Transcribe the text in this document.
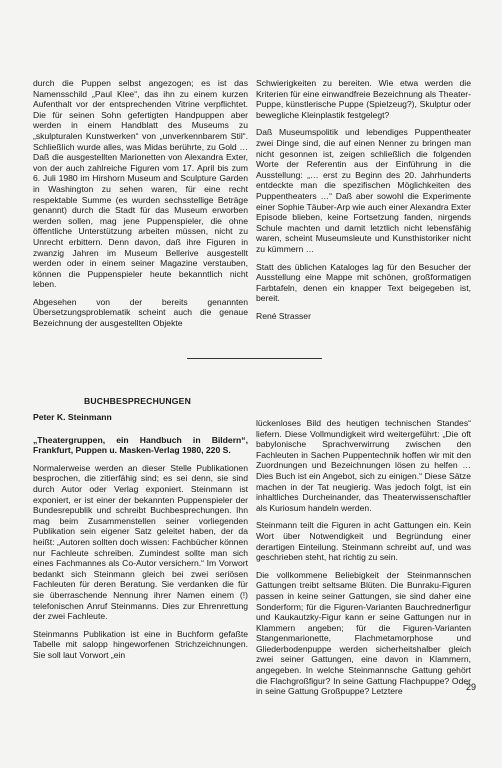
durch die Puppen selbst angezogen; es ist das Namensschild „Paul Klee“, das ihn zu einem kurzen Aufenthalt vor der entsprechenden Vitrine verpflichtet. Die für seinen Sohn gefertigten Handpuppen aber werden in einem Handblatt des Museums zu „skulpturalen Kunstwerken“ von „unverkennbarem Stil“. Schließlich wurde alles, was Midas berührte, zu Gold … Daß die ausgestellten Marionetten von Alexandra Exter, von der auch zahlreiche Figuren vom 17. April bis zum 6. Juli 1980 im Hirshorn Museum and Sculpture Garden in Washington zu sehen waren, für eine recht respektable Summe (es wurden sechsstellige Beträge genannt) durch die Stadt für das Museum erworben werden sollen, mag jene Puppenspieler, die ohne öffentliche Unterstützung arbeiten müssen, nicht zu Unrecht erbittern. Denn davon, daß ihre Figuren in zwanzig Jahren im Museum Bellerive ausgestellt werden oder in einem seiner Magazine verstauben, können die Puppenspieler heute bekanntlich nicht leben.

Abgesehen von der bereits genannten Übersetzungsproblematik scheint auch die genaue Bezeichnung der ausgestellten Objekte

Schwierigkeiten zu bereiten. Wie etwa werden die Kriterien für eine einwandfreie Bezeichnung als Theater-Puppe, künstlerische Puppe (Spielzeug?), Skulptur oder bewegliche Kleinplastik festgelegt?

Daß Museumspolitik und lebendiges Puppentheater zwei Dinge sind, die auf einen Nenner zu bringen man nicht gesonnen ist, zeigen schließlich die folgenden Worte der Referentin aus der Einführung in die Ausstellung: „… erst zu Beginn des 20. Jahrhunderts entdeckte man die spezifischen Möglichkeiten des Puppentheaters …“ Daß aber sowohl die Experimente einer Sophie Täuber-Arp wie auch einer Alexandra Exter Episode blieben, keine Fortsetzung fanden, nirgends Schule machten und damit letztlich nicht lebensfähig waren, scheint Museumsleute und Kunsthistoriker nicht zu kümmern …

Statt des üblichen Kataloges lag für den Besucher der Ausstellung eine Mappe mit schönen, großformatigen Farbtafeln, denen ein knapper Text beigegeben ist, bereit.

René Strasser

BUCHBESPRECHUNGEN

Peter K. Steinmann

„Theatergruppen, ein Handbuch in Bildern“, Frankfurt, Puppen u. Masken-Verlag 1980, 220 S.

Normalerweise werden an dieser Stelle Publikationen besprochen, die zitierfähig sind; es sei denn, sie sind durch Autor oder Verlag exponiert. Steinmann ist exponiert, er ist einer der bekannten Puppenspieler der Bundesrepublik und schreibt Buchbesprechungen. Ihn mag beim Zusammenstellen seiner vorliegenden Publikation sein eigener Satz geleitet haben, der da heißt: „Autoren sollten doch wissen: Fachbücher können nur Fachleute schreiben. Zumindest sollte man sich eines Fachmannes als Co-Autor versichern.“ Im Vorwort bedankt sich Steinmann gleich bei zwei seriösen Fachleuten für deren Beratung. Sie verdanken die für sie überraschende Nennung ihrer Namen einem (!) telefonischen Anruf Steinmanns. Dies zur Ehrenrettung der zwei Fachleute.

Steinmanns Publikation ist eine in Buchform gefaßte Tabelle mit salopp hingeworfenen Strichzeichnungen. Sie soll laut Vorwort „ein

lückenloses Bild des heutigen technischen Standes“ liefern. Diese Vollmundigkeit wird weitergeführt: „Die oft babylonische Sprachverwirrung zwischen den Fachleuten in Sachen Puppentechnik hoffen wir mit den Zuordnungen und Bezeichnungen lösen zu helfen … Dies Buch ist ein Angebot, sich zu einigen.“ Diese Sätze machen in der Tat neugierig. Was jedoch folgt, ist ein inhaltliches Durcheinander, das Theaterwissenschaftler als Kuriosum handeln werden.

Steinmann teilt die Figuren in acht Gattungen ein. Kein Wort über Notwendigkeit und Begründung einer derartigen Einteilung. Steinmann schreibt auf, und was geschrieben steht, hat richtig zu sein.

Die vollkommene Beliebigkeit der Steinmannschen Gattungen treibt seltsame Blüten. Die Bunraku-Figuren passen in keine seiner Gattungen, sie sind daher eine Sonderform; für die Figuren-Varianten Bauchrednerfigur und Kaukautzky-Figur kann er seine Gattungen nur in Klammern angeben; für die Figuren-Varianten Stangenmarionette, Flachmetamorphose und Gliederbodenpuppe werden sicherheitshalber gleich zwei seiner Gattungen, eine davon in Klammern, angegeben. In welche Steinmannsche Gattung gehört die Flachgroßfigur? In seine Gattung Flachpuppe? Oder in seine Gattung Großpuppe? Letztere	29
